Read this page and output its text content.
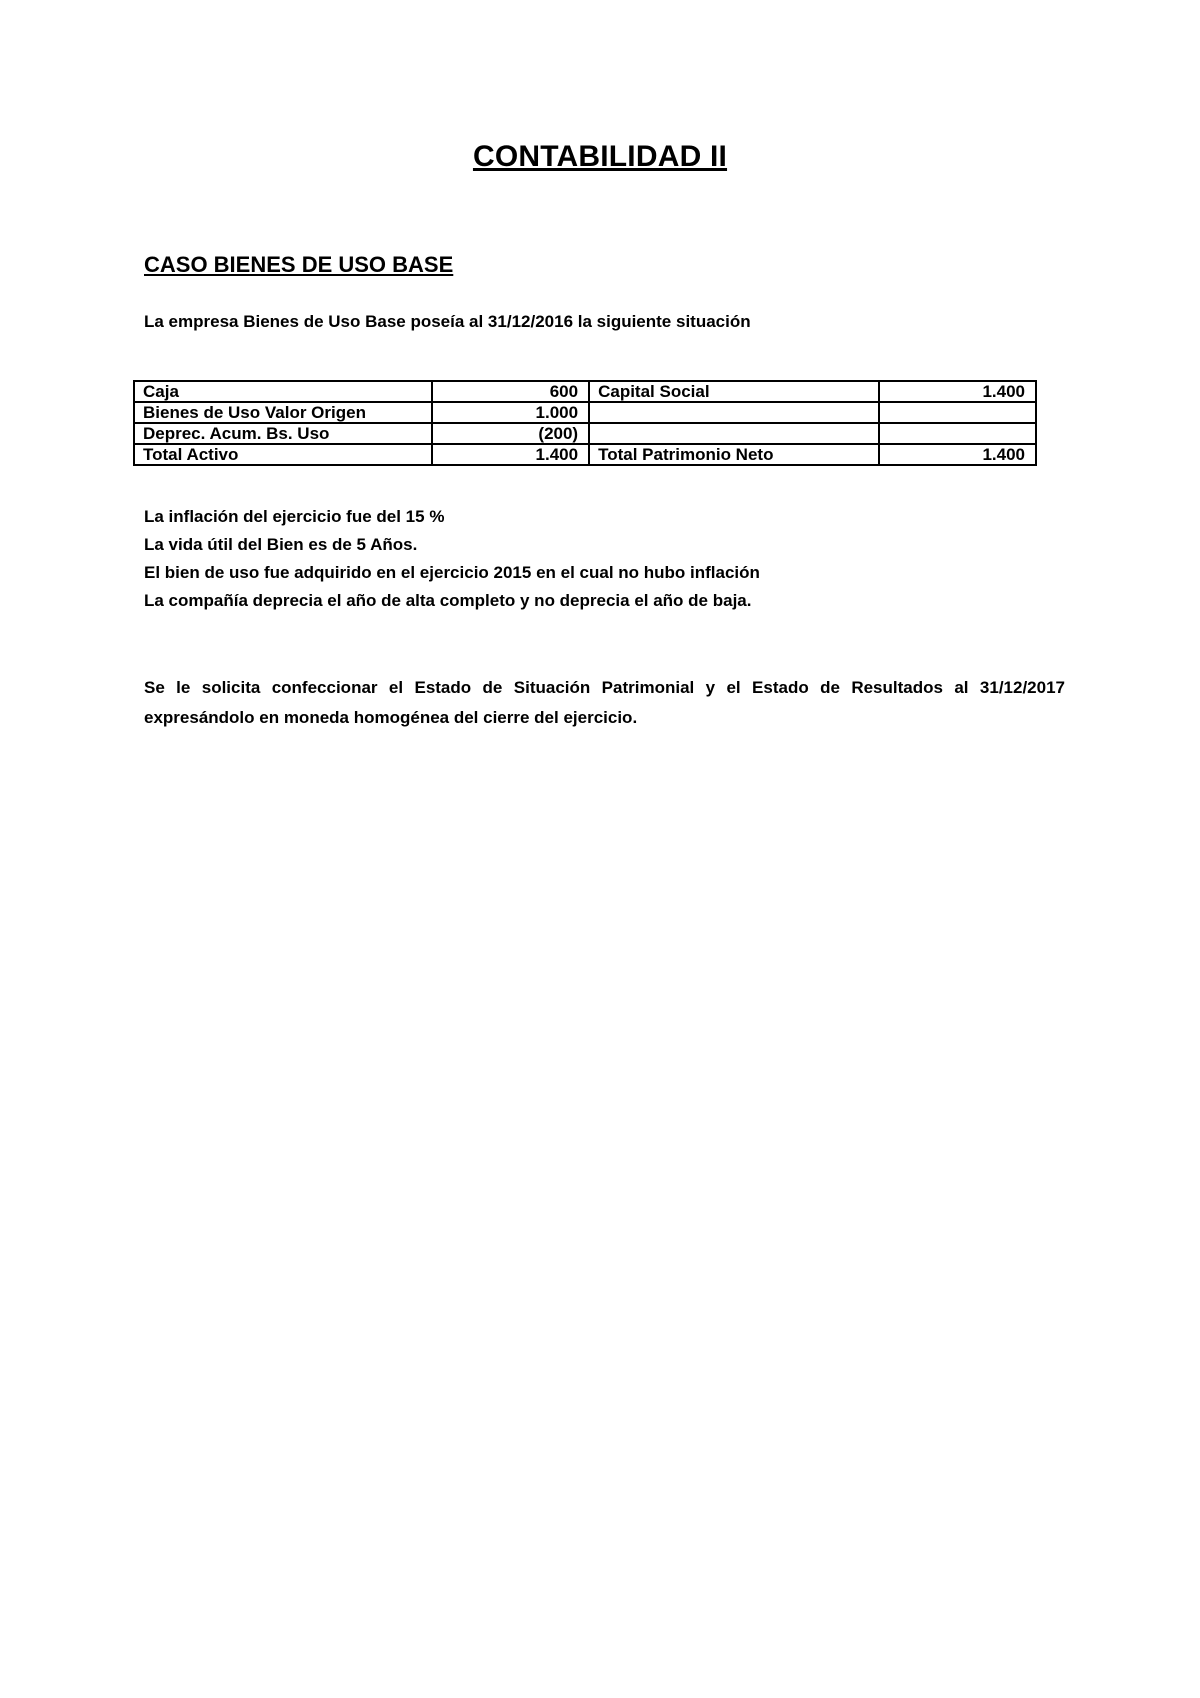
CONTABILIDAD II
CASO BIENES DE USO BASE
La empresa Bienes de Uso Base poseía al 31/12/2016 la siguiente situación
Caja	600	Capital Social	1.400
Bienes de Uso Valor Origen	1.000		
Deprec. Acum. Bs. Uso	(200)		
Total Activo	1.400	Total Patrimonio Neto	1.400
La inflación del ejercicio fue del 15 %
La vida útil del Bien es de 5 Años.
El bien de uso fue adquirido en el ejercicio 2015 en el cual no hubo inflación
La compañía deprecia el año de alta completo y no deprecia el año de baja.
Se le solicita confeccionar el Estado de Situación Patrimonial y el Estado de Resultados al 31/12/2017 expresándolo en moneda homogénea del cierre del ejercicio.
